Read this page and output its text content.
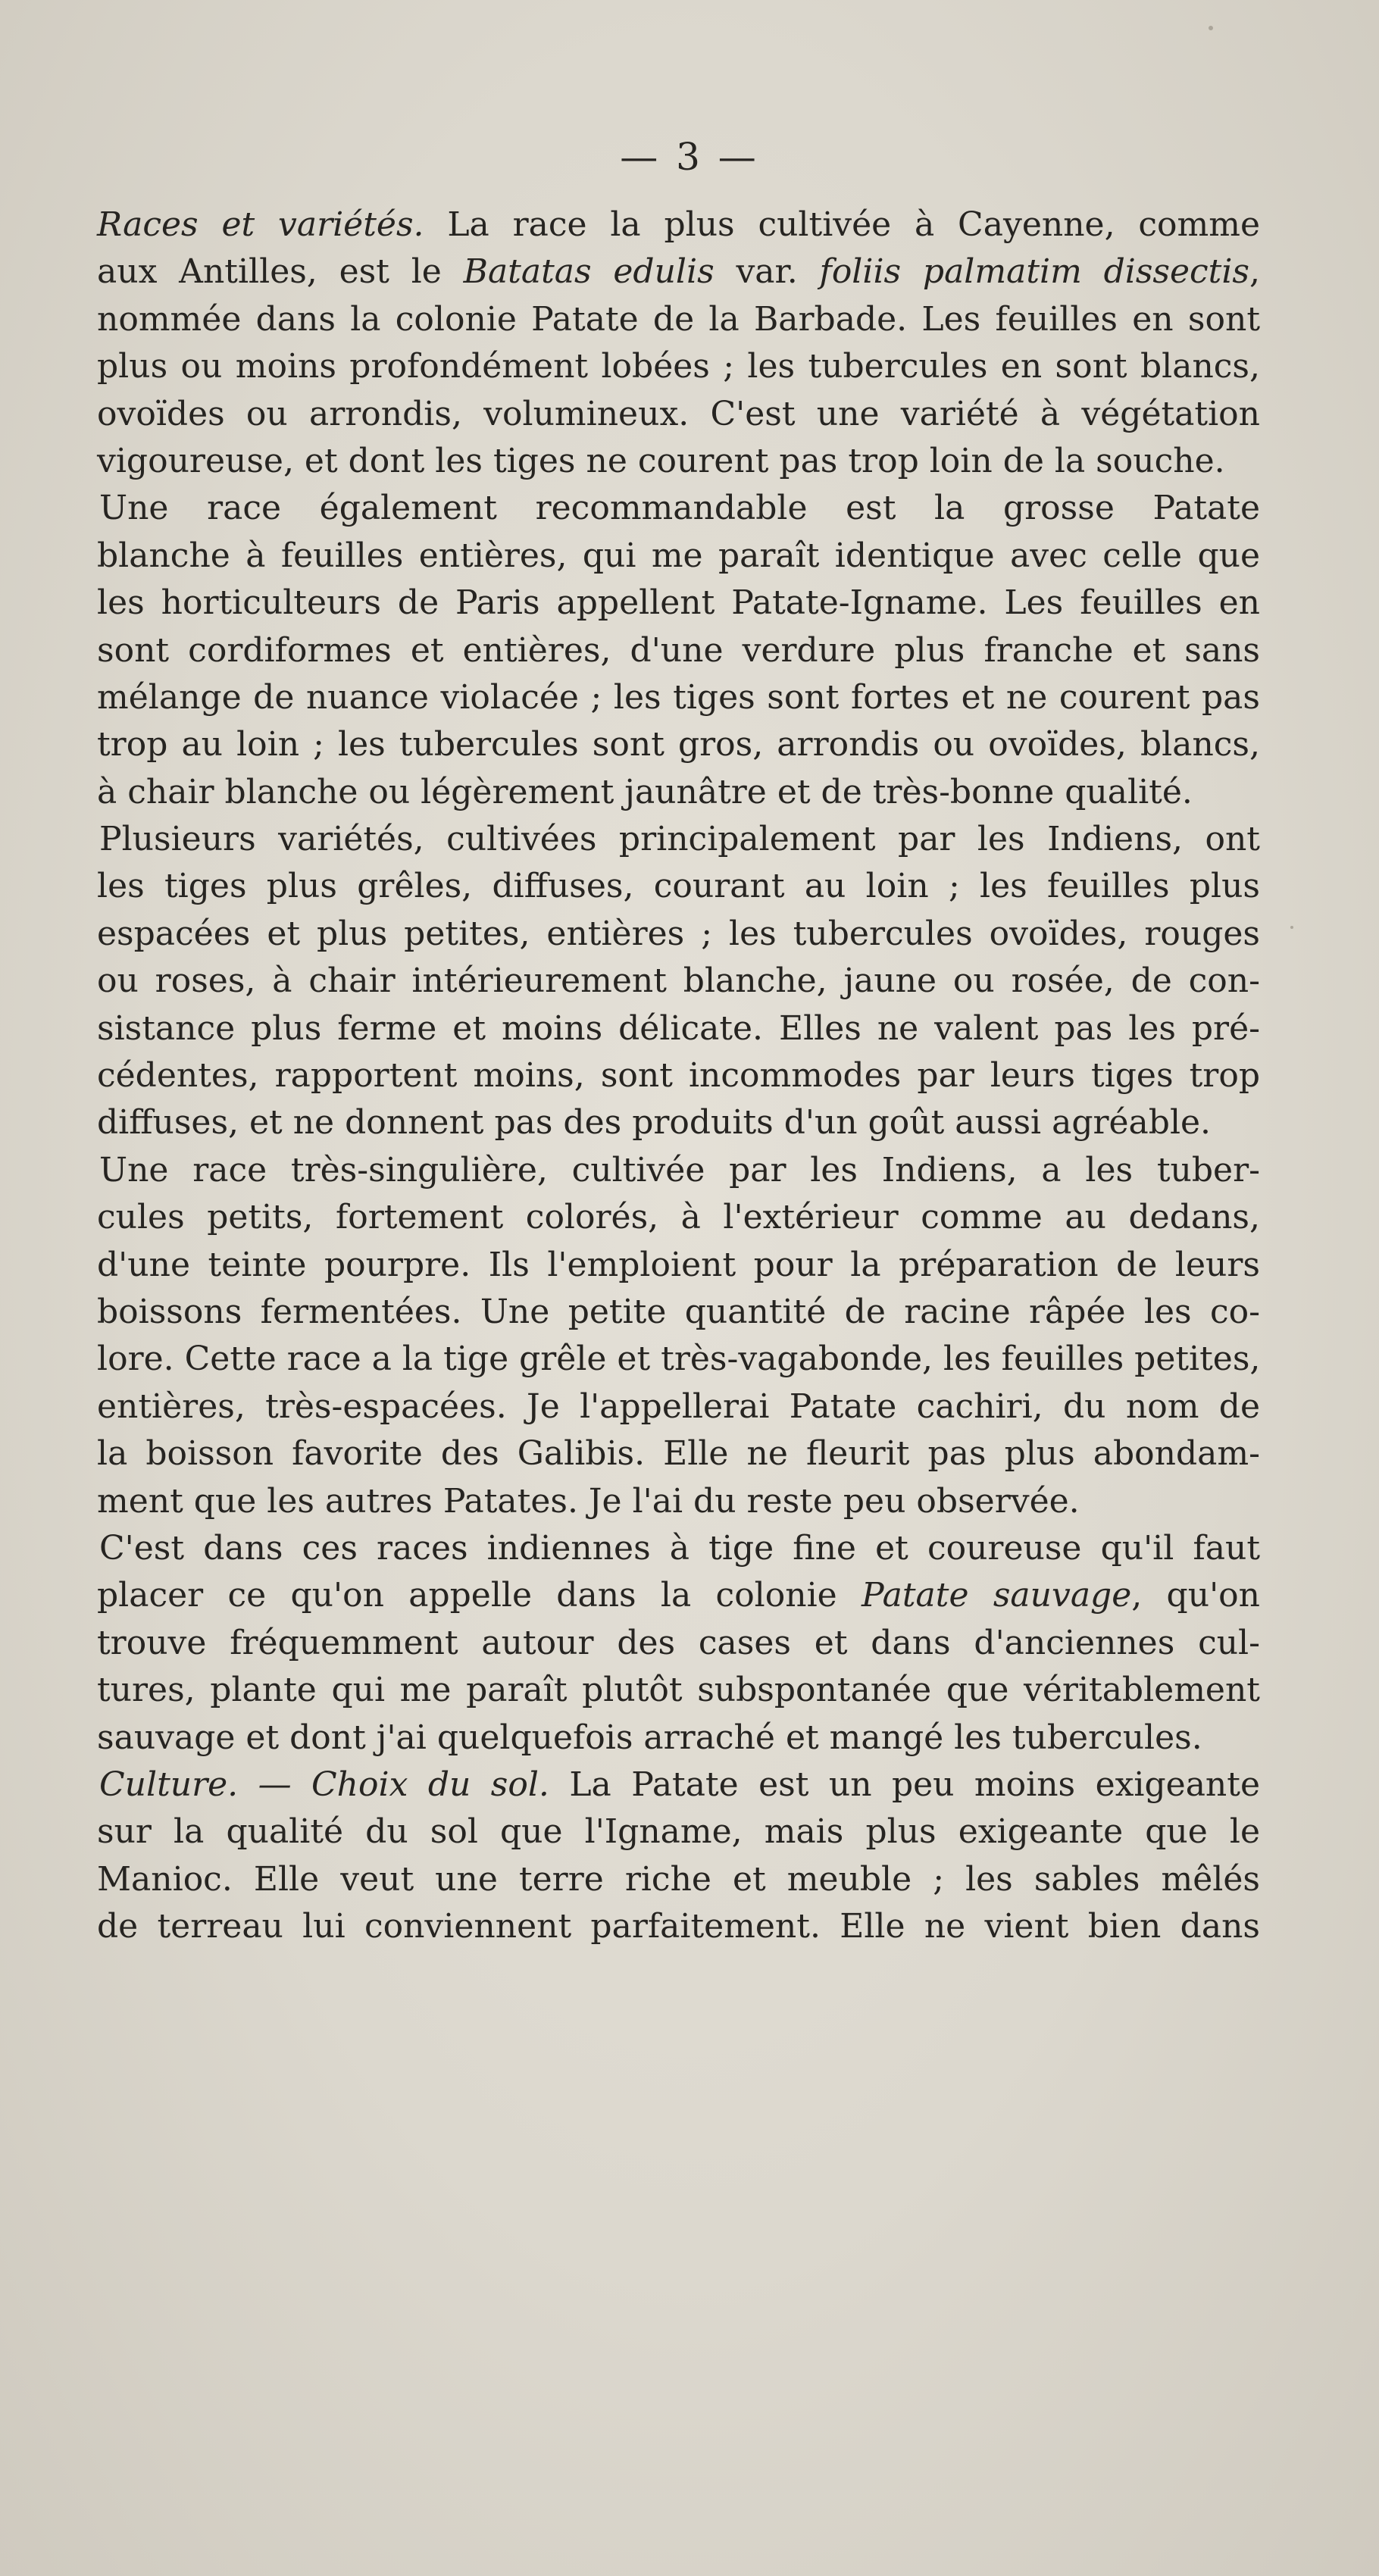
— 3 —
Races et variétés. La race la plus cultivée à Cayenne, comme
aux Antilles, est le Batatas edulis var. foliis palmatim dissectis,
nommée dans la colonie Patate de la Barbade. Les feuilles en sont
plus ou moins profondément lobées ; les tubercules en sont blancs,
ovoïdes ou arrondis, volumineux. C'est une variété à végétation
vigoureuse, et dont les tiges ne courent pas trop loin de la souche.
Une race également recommandable est la grosse Patate
blanche à feuilles entières, qui me paraît identique avec celle que
les horticulteurs de Paris appellent Patate-Igname. Les feuilles en
sont cordiformes et entières, d'une verdure plus franche et sans
mélange de nuance violacée ; les tiges sont fortes et ne courent pas
trop au loin ; les tubercules sont gros, arrondis ou ovoïdes, blancs,
à chair blanche ou légèrement jaunâtre et de très-bonne qualité.
Plusieurs variétés, cultivées principalement par les Indiens, ont
les tiges plus grêles, diffuses, courant au loin ; les feuilles plus
espacées et plus petites, entières ; les tubercules ovoïdes, rouges
ou roses, à chair intérieurement blanche, jaune ou rosée, de con-
sistance plus ferme et moins délicate. Elles ne valent pas les pré-
cédentes, rapportent moins, sont incommodes par leurs tiges trop
diffuses, et ne donnent pas des produits d'un goût aussi agréable.
Une race très-singulière, cultivée par les Indiens, a les tuber-
cules petits, fortement colorés, à l'extérieur comme au dedans,
d'une teinte pourpre. Ils l'emploient pour la préparation de leurs
boissons fermentées. Une petite quantité de racine râpée les co-
lore. Cette race a la tige grêle et très-vagabonde, les feuilles petites,
entières, très-espacées. Je l'appellerai Patate cachiri, du nom de
la boisson favorite des Galibis. Elle ne fleurit pas plus abondam-
ment que les autres Patates. Je l'ai du reste peu observée.
C'est dans ces races indiennes à tige fine et coureuse qu'il faut
placer ce qu'on appelle dans la colonie Patate sauvage, qu'on
trouve fréquemment autour des cases et dans d'anciennes cul-
tures, plante qui me paraît plutôt subspontanée que véritablement
sauvage et dont j'ai quelquefois arraché et mangé les tubercules.
Culture. — Choix du sol. La Patate est un peu moins exigeante
sur la qualité du sol que l'Igname, mais plus exigeante que le
Manioc. Elle veut une terre riche et meuble ; les sables mêlés
de terreau lui conviennent parfaitement. Elle ne vient bien dans
